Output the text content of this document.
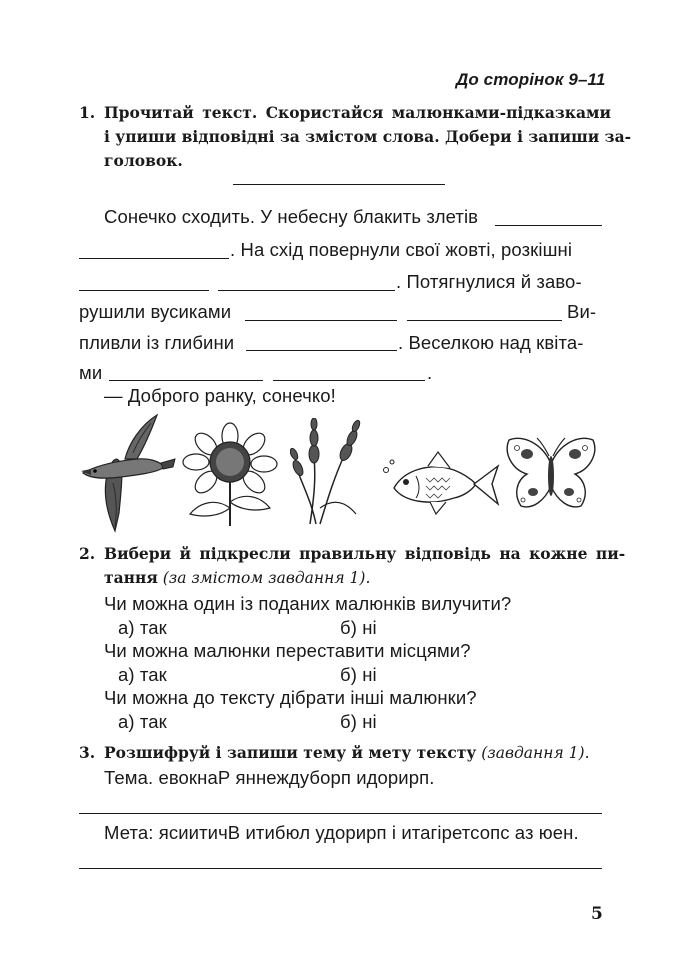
До сторінок 9–11
1. Прочитай текст. Скористайся малюнками-підказками
і упиши відповідні за змістом слова. Добери і запиши за-
головок.
Сонечко сходить. У небесну блакить злетів
. На схід повернули свої жовті, розкішні
. Потягнулися й заво-
рушили вусиками	Ви-
пливли із глибини	. Веселкою над квіта-
ми	.
— Доброго ранку, сонечко!
2. Вибери й підкресли правильну відповідь на кожне пи-
тання (за змістом завдання 1).
Чи можна один із поданих малюнків вилучити?
а) так	б) ні
Чи можна малюнки переставити місцями?
а) так	б) ні
Чи можна до тексту дібрати інші малюнки?
а) так	б) ні
3. Розшифруй і запиши тему й мету тексту (завдання 1).
Тема. евокнаР яннеждуборп идорирп.
Мета: ясиитичВ итибюл удорирп і итагіретсопс аз юен.
5
